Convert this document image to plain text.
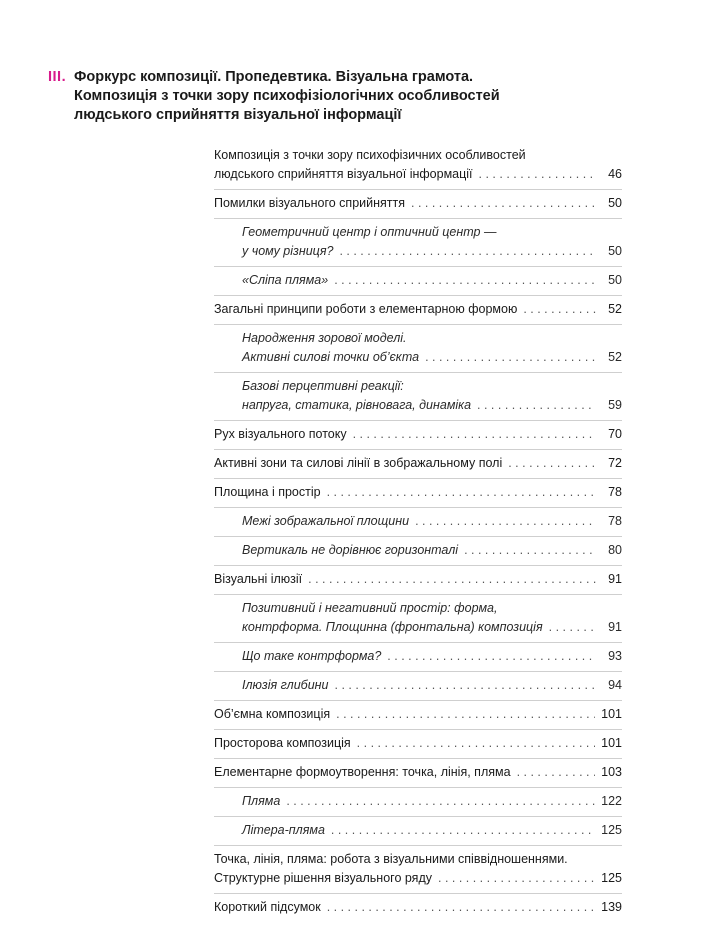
III. Форкурс композиції. Пропедевтика. Візуальна грамота.
Композиція з точки зору психофізіологічних особливостей
людського сприйняття візуальної інформації
Композиція з точки зору психофізичних особливостей
людського сприйняття візуальної інформації . . .	46
Помилки візуального сприйняття . . .	50
Геометричний центр і оптичний центр —
у чому різниця? . . .	50
«Сліпа пляма» . . .	50
Загальні принципи роботи з елементарною формою . . .	52
Народження зорової моделі.
Активні силові точки об’єкта . . .	52
Базові перцептивні реакції:
напруга, статика, рівновага, динаміка . . .	59
Рух візуального потоку . . .	70
Активні зони та силові лінії в зображальному полі . . .	72
Площина і простір . . .	78
Межі зображальної площини . . .	78
Вертикаль не дорівнює горизонталі . . .	80
Візуальні ілюзії . . .	91
Позитивний і негативний простір: форма,
контрформа. Площинна (фронтальна) композиція . . .	91
Що таке контрформа? . . .	93
Ілюзія глибини . . .	94
Об’ємна композиція . . .	101
Просторова композиція . . .	101
Елементарне формоутворення: точка, лінія, пляма . . .	103
Пляма . . .	122
Літера-пляма . . .	125
Точка, лінія, пляма: робота з візуальними співвідношеннями.
Структурне рішення візуального ряду . . .	125
Короткий підсумок . . .	139
